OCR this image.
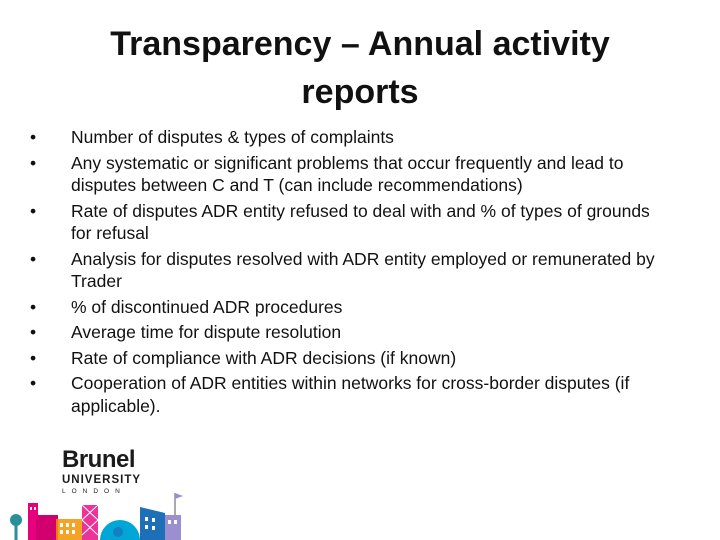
Transparency – Annual activity
reports
•	Number of disputes & types of complaints
•	Any systematic or significant problems that occur frequently and lead to disputes between C and T (can include recommendations)
•	Rate of disputes ADR entity refused to deal with and % of types of grounds for refusal
•	Analysis for disputes resolved with ADR entity employed or remunerated by Trader
•	% of discontinued ADR procedures
•	Average time for dispute resolution
•	Rate of compliance with ADR decisions (if known)
•	Cooperation of ADR entities within networks for cross-border disputes (if applicable).
Brunel
UNIVERSITY
LONDON
